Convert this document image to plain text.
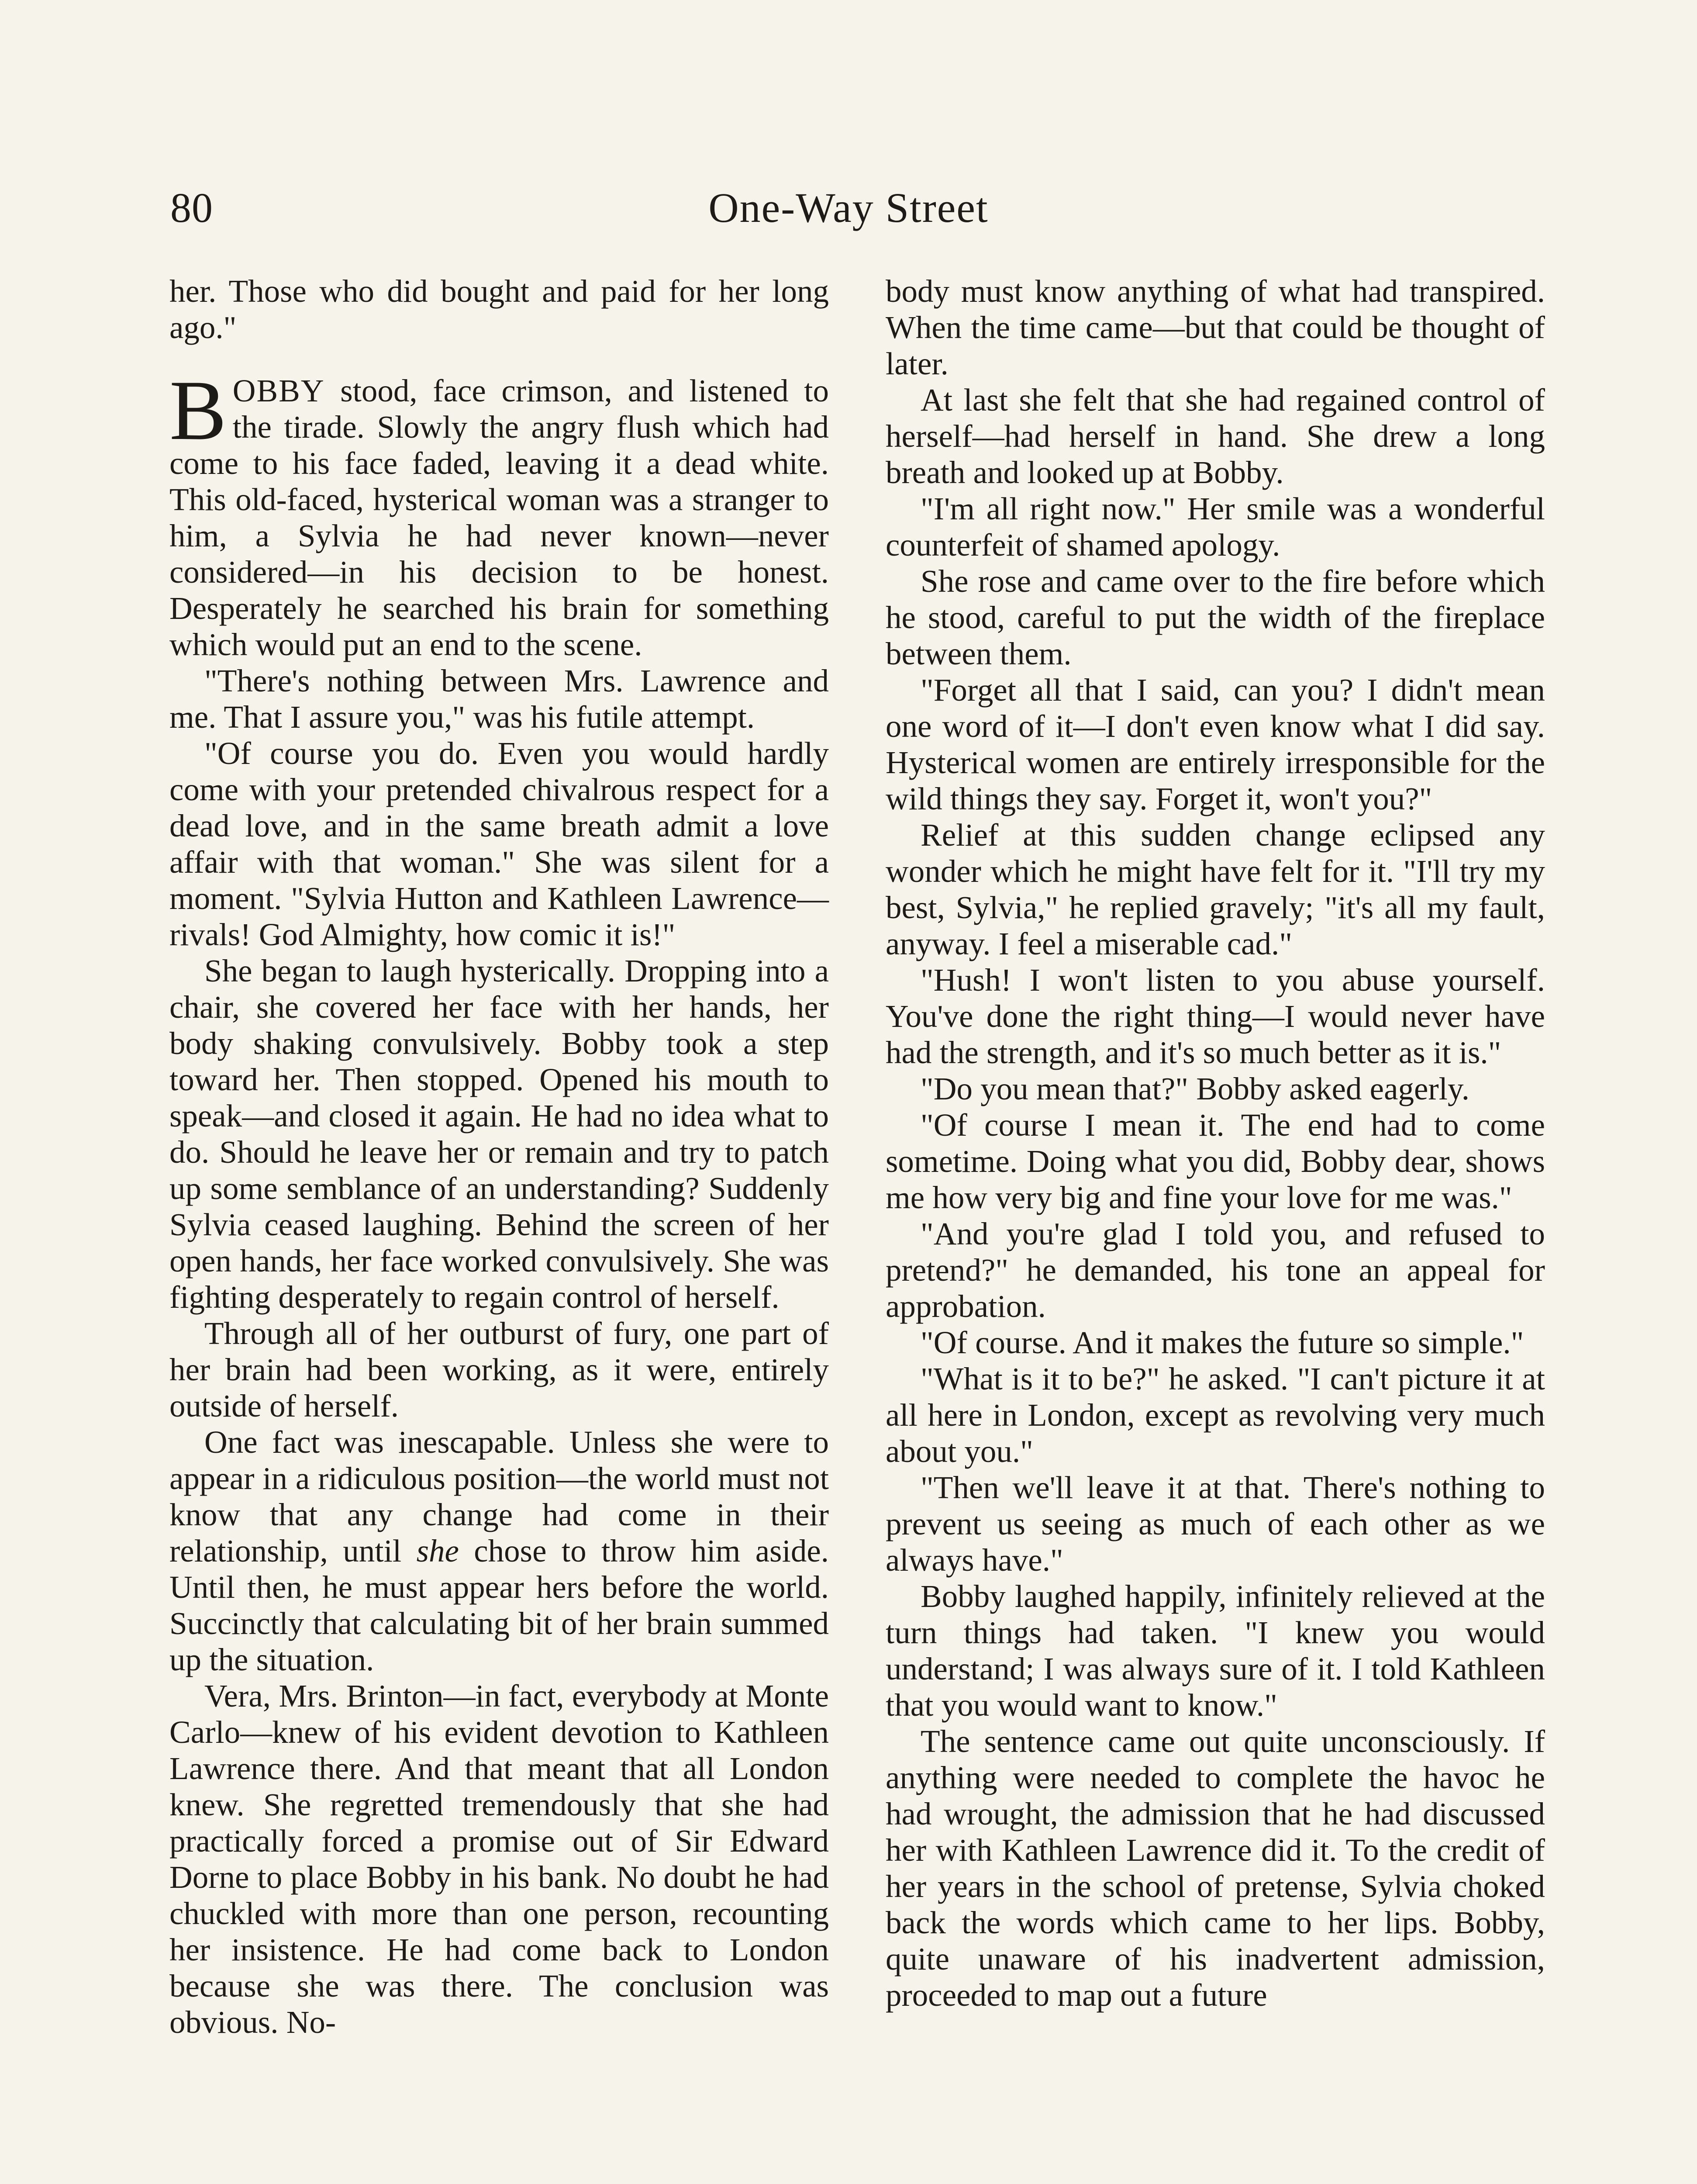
80	One-Way Street

her. Those who did bought and paid for her long ago."

BOBBY stood, face crimson, and listened to the tirade. Slowly the angry flush which had come to his face faded, leaving it a dead white. This old-faced, hysterical woman was a stranger to him, a Sylvia he had never known—never considered—in his decision to be honest. Desperately he searched his brain for something which would put an end to the scene.

"There's nothing between Mrs. Lawrence and me. That I assure you," was his futile attempt.

"Of course you do. Even you would hardly come with your pretended chivalrous respect for a dead love, and in the same breath admit a love affair with that woman." She was silent for a moment. "Sylvia Hutton and Kathleen Lawrence—rivals! God Almighty, how comic it is!"

She began to laugh hysterically. Dropping into a chair, she covered her face with her hands, her body shaking convulsively. Bobby took a step toward her. Then stopped. Opened his mouth to speak—and closed it again. He had no idea what to do. Should he leave her or remain and try to patch up some semblance of an understanding? Suddenly Sylvia ceased laughing. Behind the screen of her open hands, her face worked convulsively. She was fighting desperately to regain control of herself.

Through all of her outburst of fury, one part of her brain had been working, as it were, entirely outside of herself.

One fact was inescapable. Unless she were to appear in a ridiculous position—the world must not know that any change had come in their relationship, until she chose to throw him aside. Until then, he must appear hers before the world. Succinctly that calculating bit of her brain summed up the situation.

Vera, Mrs. Brinton—in fact, everybody at Monte Carlo—knew of his evident devotion to Kathleen Lawrence there. And that meant that all London knew. She regretted tremendously that she had practically forced a promise out of Sir Edward Dorne to place Bobby in his bank. No doubt he had chuckled with more than one person, recounting her insistence. He had come back to London because she was there. The conclusion was obvious. No-

body must know anything of what had transpired. When the time came—but that could be thought of later.

At last she felt that she had regained control of herself—had herself in hand. She drew a long breath and looked up at Bobby.

"I'm all right now." Her smile was a wonderful counterfeit of shamed apology.

She rose and came over to the fire before which he stood, careful to put the width of the fireplace between them.

"Forget all that I said, can you? I didn't mean one word of it—I don't even know what I did say. Hysterical women are entirely irresponsible for the wild things they say. Forget it, won't you?"

Relief at this sudden change eclipsed any wonder which he might have felt for it. "I'll try my best, Sylvia," he replied gravely; "it's all my fault, anyway. I feel a miserable cad."

"Hush! I won't listen to you abuse yourself. You've done the right thing—I would never have had the strength, and it's so much better as it is."

"Do you mean that?" Bobby asked eagerly.

"Of course I mean it. The end had to come sometime. Doing what you did, Bobby dear, shows me how very big and fine your love for me was."

"And you're glad I told you, and refused to pretend?" he demanded, his tone an appeal for approbation.

"Of course. And it makes the future so simple."

"What is it to be?" he asked. "I can't picture it at all here in London, except as revolving very much about you."

"Then we'll leave it at that. There's nothing to prevent us seeing as much of each other as we always have."

Bobby laughed happily, infinitely relieved at the turn things had taken. "I knew you would understand; I was always sure of it. I told Kathleen that you would want to know."

The sentence came out quite unconsciously. If anything were needed to complete the havoc he had wrought, the admission that he had discussed her with Kathleen Lawrence did it. To the credit of her years in the school of pretense, Sylvia choked back the words which came to her lips. Bobby, quite unaware of his inadvertent admission, proceeded to map out a future
